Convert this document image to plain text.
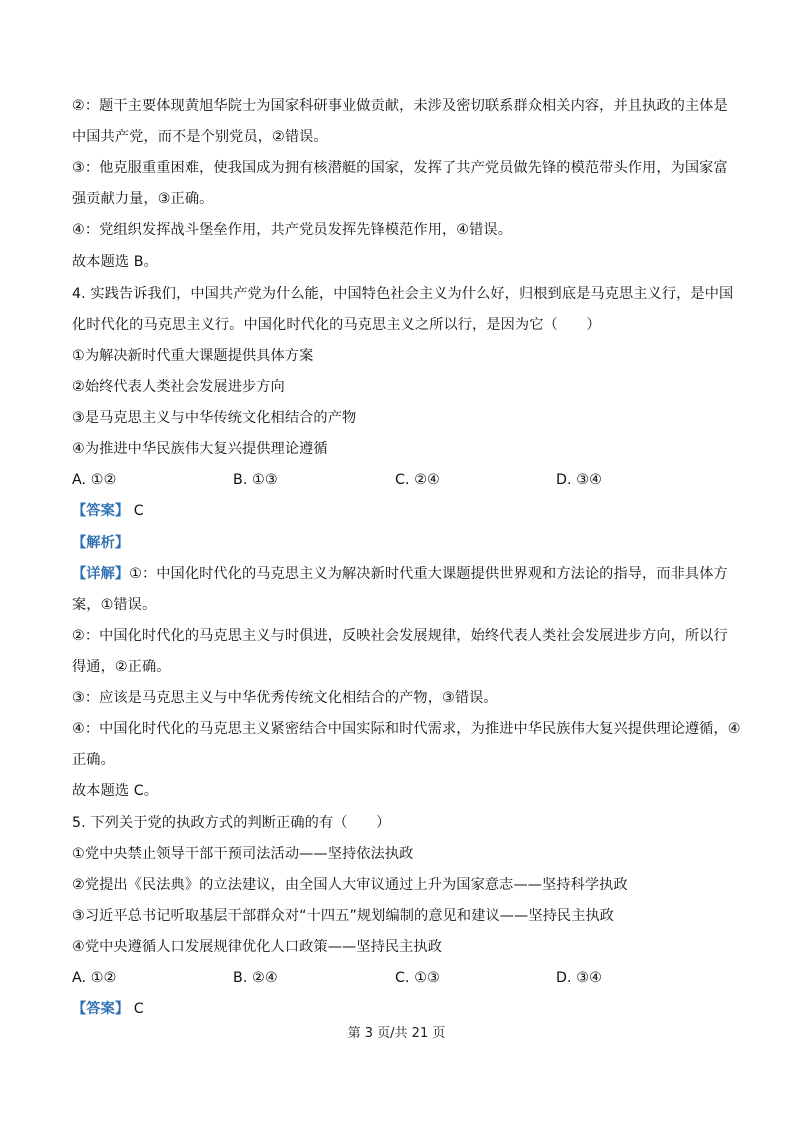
②：题干主要体现黄旭华院士为国家科研事业做贡献，未涉及密切联系群众相关内容，并且执政的主体是
中国共产党，而不是个别党员，②错误。
③：他克服重重困难，使我国成为拥有核潜艇的国家，发挥了共产党员做先锋的模范带头作用，为国家富
强贡献力量，③正确。
④：党组织发挥战斗堡垒作用，共产党员发挥先锋模范作用，④错误。
故本题选 B。
4. 实践告诉我们，中国共产党为什么能，中国特色社会主义为什么好，归根到底是马克思主义行，是中国
化时代化的马克思主义行。中国化时代化的马克思主义之所以行，是因为它（　　）
①为解决新时代重大课题提供具体方案
②始终代表人类社会发展进步方向
③是马克思主义与中华传统文化相结合的产物
④为推进中华民族伟大复兴提供理论遵循
A. ①②	B. ①③	C. ②④	D. ③④
【答案】 C
【解析】
【详解】①：中国化时代化的马克思主义为解决新时代重大课题提供世界观和方法论的指导，而非具体方
案，①错误。
②：中国化时代化的马克思主义与时俱进，反映社会发展规律，始终代表人类社会发展进步方向，所以行
得通，②正确。
③：应该是马克思主义与中华优秀传统文化相结合的产物，③错误。
④：中国化时代化的马克思主义紧密结合中国实际和时代需求，为推进中华民族伟大复兴提供理论遵循，④
正确。
故本题选 C。
5. 下列关于党的执政方式的判断正确的有（　　）
①党中央禁止领导干部干预司法活动——坚持依法执政
②党提出《民法典》的立法建议，由全国人大审议通过上升为国家意志——坚持科学执政
③习近平总书记听取基层干部群众对“十四五”规划编制的意见和建议——坚持民主执政
④党中央遵循人口发展规律优化人口政策——坚持民主执政
A. ①②	B. ②④	C. ①③	D. ③④
【答案】 C
第 3 页/共 21 页
